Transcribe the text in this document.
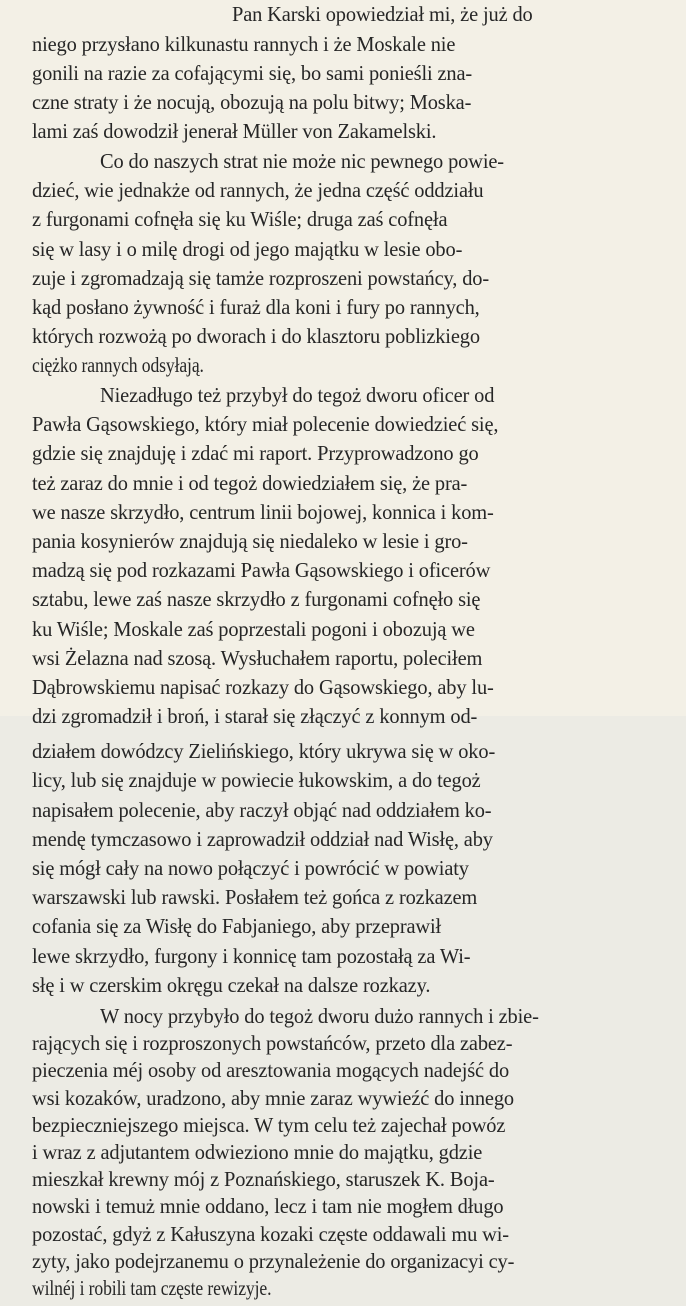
Pan Karski opowiedział mi, że już do
niego przysłano kilkunastu rannych i że Moskale nie
gonili na razie za cofającymi się, bo sami ponieśli zna-
czne straty i że nocują, obozują na polu bitwy; Moska-
lami zaś dowodził jenerał Müller von Zakamelski.
Co do naszych strat nie może nic pewnego powie-
dzieć, wie jednakże od rannych, że jedna część oddziału
z furgonami cofnęła się ku Wiśle; druga zaś cofnęła
się w lasy i o milę drogi od jego majątku w lesie obo-
zuje i zgromadzają się tamże rozproszeni powstańcy, do-
kąd posłano żywność i furaż dla koni i fury po rannych,
których rozwożą po dworach i do klasztoru poblizkiego
ciężko rannych odsyłają.
Niezadługo też przybył do tegoż dworu oficer od
Pawła Gąsowskiego, który miał polecenie dowiedzieć się,
gdzie się znajduję i zdać mi raport. Przyprowadzono go
też zaraz do mnie i od tegoż dowiedziałem się, że pra-
we nasze skrzydło, centrum linii bojowej, konnica i kom-
pania kosynierów znajdują się niedaleko w lesie i gro-
madzą się pod rozkazami Pawła Gąsowskiego i oficerów
sztabu, lewe zaś nasze skrzydło z furgonami cofnęło się
ku Wiśle; Moskale zaś poprzestali pogoni i obozują we
wsi Żelazna nad szosą. Wysłuchałem raportu, poleciłem
Dąbrowskiemu napisać rozkazy do Gąsowskiego, aby lu-
dzi zgromadził i broń, i starał się złączyć z konnym od-
działem dowódzcy Zielińskiego, który ukrywa się w oko-
licy, lub się znajduje w powiecie łukowskim, a do tegoż
napisałem polecenie, aby raczył objąć nad oddziałem ko-
mendę tymczasowo i zaprowadził oddział nad Wisłę, aby
się mógł cały na nowo połączyć i powrócić w powiaty
warszawski lub rawski. Posłałem też gońca z rozkazem
cofania się za Wisłę do Fabjaniego, aby przeprawił
lewe skrzydło, furgony i konnicę tam pozostałą za Wi-
słę i w czerskim okręgu czekał na dalsze rozkazy.
W nocy przybyło do tegoż dworu dużo rannych i zbie-
rających się i rozproszonych powstańców, przeto dla zabez-
pieczenia méj osoby od aresztowania mogących nadejść do
wsi kozaków, uradzono, aby mnie zaraz wywieźć do innego
bezpieczniejszego miejsca. W tym celu też zajechał powóz
i wraz z adjutantem odwieziono mnie do majątku, gdzie
mieszkał krewny mój z Poznańskiego, staruszek K. Boja-
nowski i temuż mnie oddano, lecz i tam nie mogłem długo
pozostać, gdyż z Kałuszyna kozaki częste oddawali mu wi-
zyty, jako podejrzanemu o przynależenie do organizacyi cy-
wilnéj i robili tam częste rewizyje.
